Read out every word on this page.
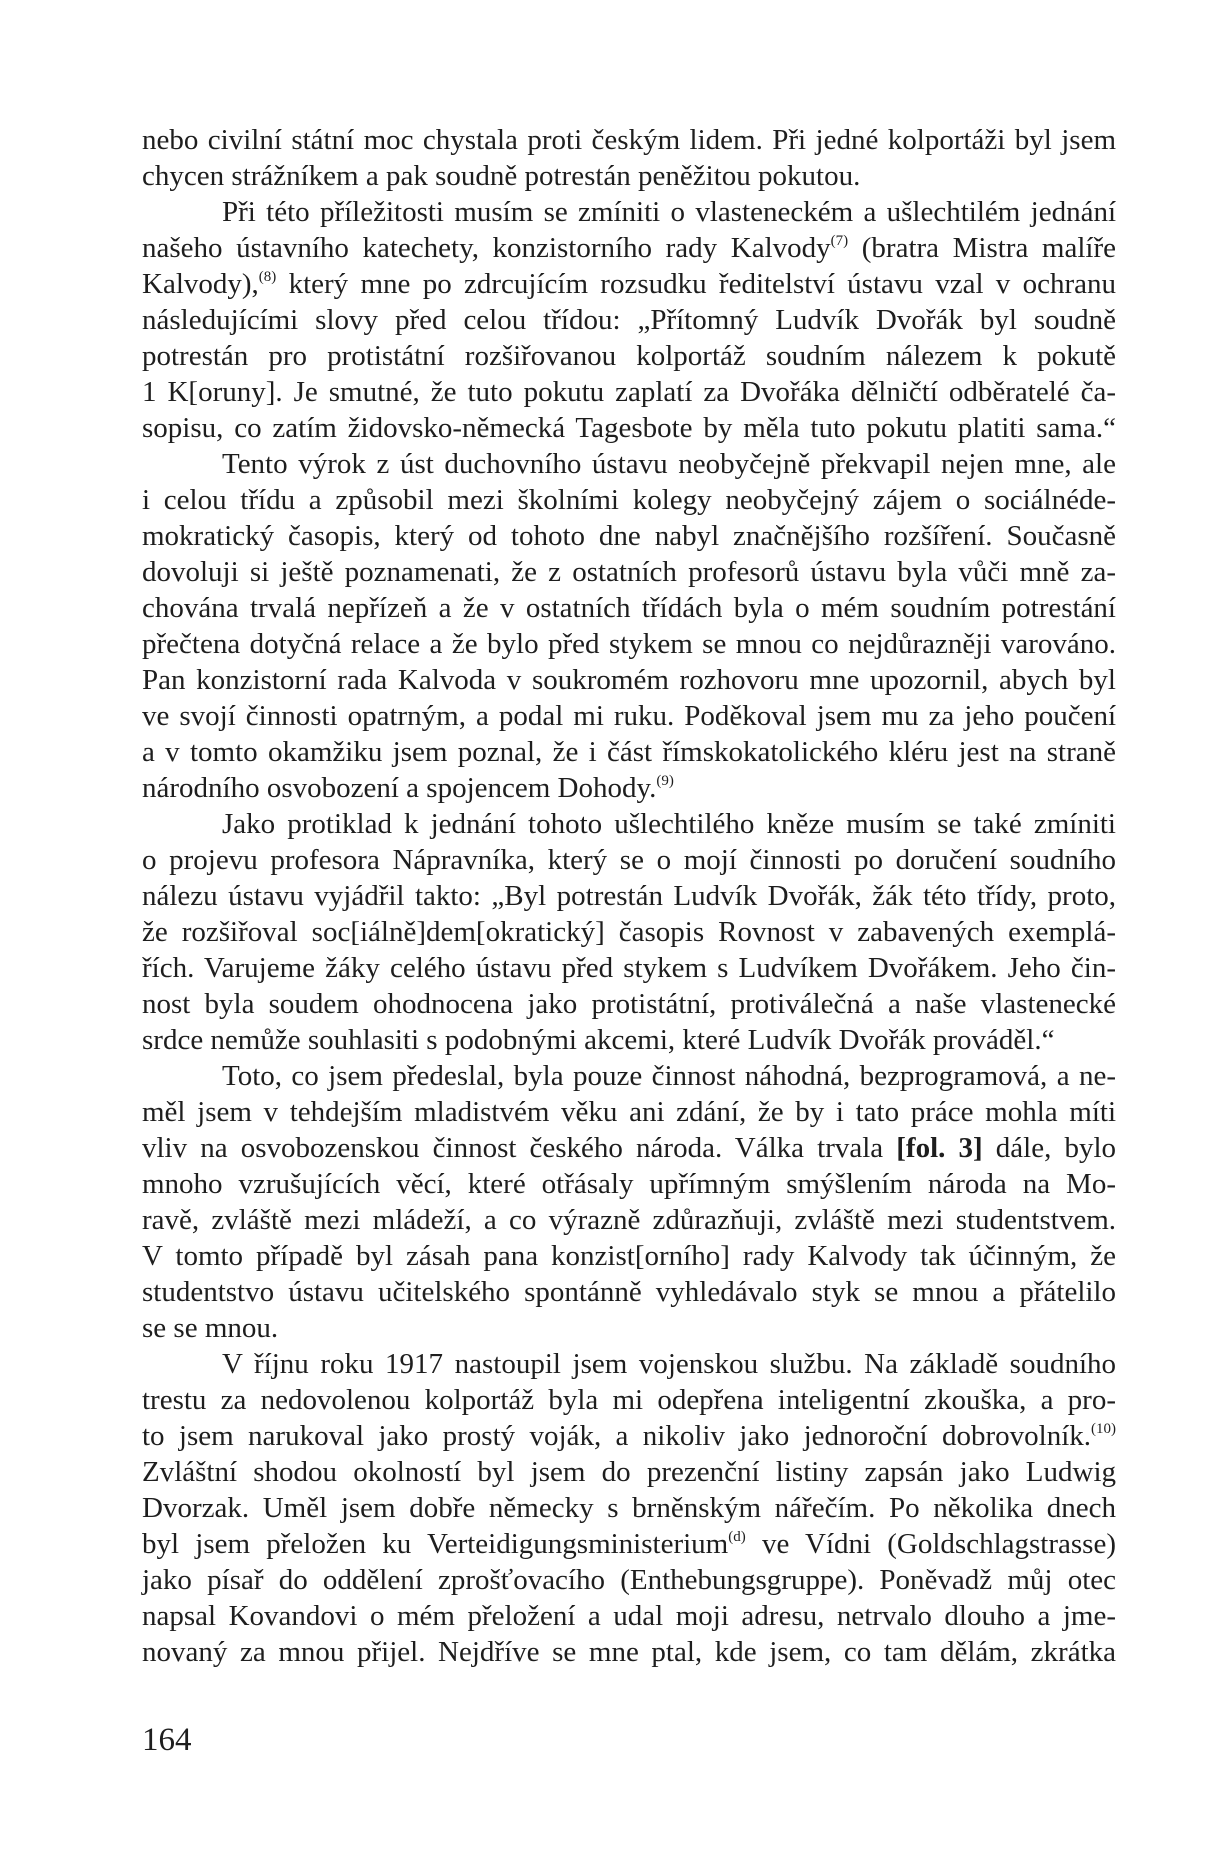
nebo civilní státní moc chystala proti českým lidem. Při jedné kolportáži byl jsem
chycen strážníkem a pak soudně potrestán peněžitou pokutou.
Při této příležitosti musím se zmíniti o vlasteneckém a ušlechtilém jednání
našeho ústavního katechety, konzistorního rady Kalvody$^{(7)}$ (bratra Mistra malíře
Kalvody),$^{(8)}$ který mne po zdrcujícím rozsudku ředitelství ústavu vzal v ochranu
následujícími slovy před celou třídou: „Přítomný Ludvík Dvořák byl soudně
potrestán pro protistátní rozšiřovanou kolportáž soudním nálezem k pokutě
1 K[oruny]. Je smutné, že tuto pokutu zaplatí za Dvořáka dělničtí odběratelé ča-
sopisu, co zatím židovsko-německá Tagesbote by měla tuto pokutu platiti sama.“
Tento výrok z úst duchovního ústavu neobyčejně překvapil nejen mne, ale
i celou třídu a způsobil mezi školními kolegy neobyčejný zájem o sociálnéde-
mokratický časopis, který od tohoto dne nabyl značnějšího rozšíření. Současně
dovoluji si ještě poznamenati, že z ostatních profesorů ústavu byla vůči mně za-
chována trvalá nepřízeň a že v ostatních třídách byla o mém soudním potrestání
přečtena dotyčná relace a že bylo před stykem se mnou co nejdůrazněji varováno.
Pan konzistorní rada Kalvoda v soukromém rozhovoru mne upozornil, abych byl
ve svojí činnosti opatrným, a podal mi ruku. Poděkoval jsem mu za jeho poučení
a v tomto okamžiku jsem poznal, že i část římskokatolického kléru jest na straně
národního osvobození a spojencem Dohody.$^{(9)}$
Jako protiklad k jednání tohoto ušlechtilého kněze musím se také zmíniti
o projevu profesora Nápravníka, který se o mojí činnosti po doručení soudního
nálezu ústavu vyjádřil takto: „Byl potrestán Ludvík Dvořák, žák této třídy, proto,
že rozšiřoval soc[iálně]dem[okratický] časopis Rovnost v zabavených exemplá-
řích. Varujeme žáky celého ústavu před stykem s Ludvíkem Dvořákem. Jeho čin-
nost byla soudem ohodnocena jako protistátní, protiválečná a naše vlastenecké
srdce nemůže souhlasiti s podobnými akcemi, které Ludvík Dvořák prováděl.“
Toto, co jsem předeslal, byla pouze činnost náhodná, bezprogramová, a ne-
měl jsem v tehdejším mladistvém věku ani zdání, že by i tato práce mohla míti
vliv na osvobozenskou činnost českého národa. Válka trvala [fol. 3] dále, bylo
mnoho vzrušujících věcí, které otřásaly upřímným smýšlením národa na Mo-
ravě, zvláště mezi mládeží, a co výrazně zdůrazňuji, zvláště mezi studentstvem.
V tomto případě byl zásah pana konzist[orního] rady Kalvody tak účinným, že
studentstvo ústavu učitelského spontánně vyhledávalo styk se mnou a přátelilo
se se mnou.
V říjnu roku 1917 nastoupil jsem vojenskou službu. Na základě soudního
trestu za nedovolenou kolportáž byla mi odepřena inteligentní zkouška, a pro-
to jsem narukoval jako prostý voják, a nikoliv jako jednoroční dobrovolník.$^{(10)}$
Zvláštní shodou okolností byl jsem do prezenční listiny zapsán jako Ludwig
Dvorzak. Uměl jsem dobře německy s brněnským nářečím. Po několika dnech
byl jsem přeložen ku Verteidigungsministerium$^{(d)}$ ve Vídni (Goldschlagstrasse)
jako písař do oddělení zprošťovacího (Enthebungsgruppe). Poněvadž můj otec
napsal Kovandovi o mém přeložení a udal moji adresu, netrvalo dlouho a jme-
novaný za mnou přijel. Nejdříve se mne ptal, kde jsem, co tam dělám, zkrátka
164
